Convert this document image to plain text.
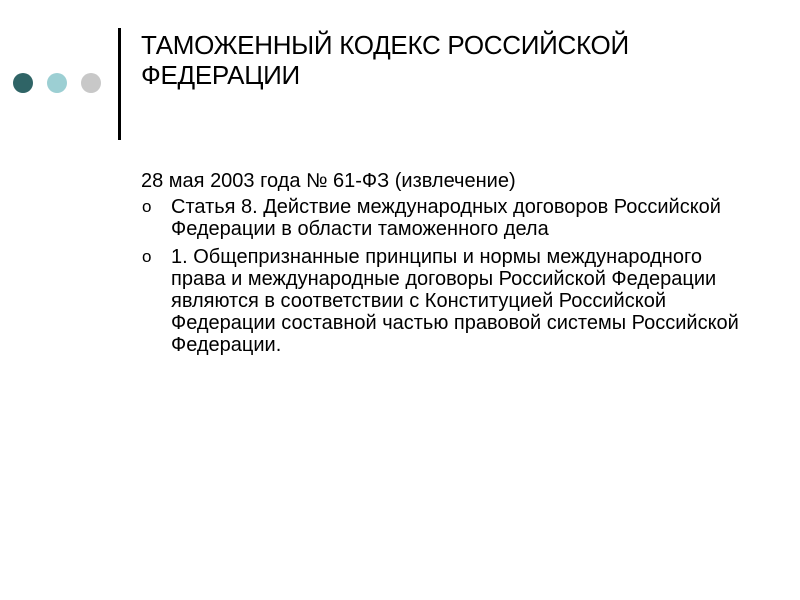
ТАМОЖЕННЫЙ КОДЕКС РОССИЙСКОЙ ФЕДЕРАЦИИ

28 мая 2003 года № 61-ФЗ (извлечение)

o Статья 8. Действие международных договоров Российской Федерации в области таможенного дела
o 1. Общепризнанные принципы и нормы международного права и международные договоры Российской Федерации являются в соответствии с Конституцией Российской Федерации составной частью правовой системы Российской Федерации.
